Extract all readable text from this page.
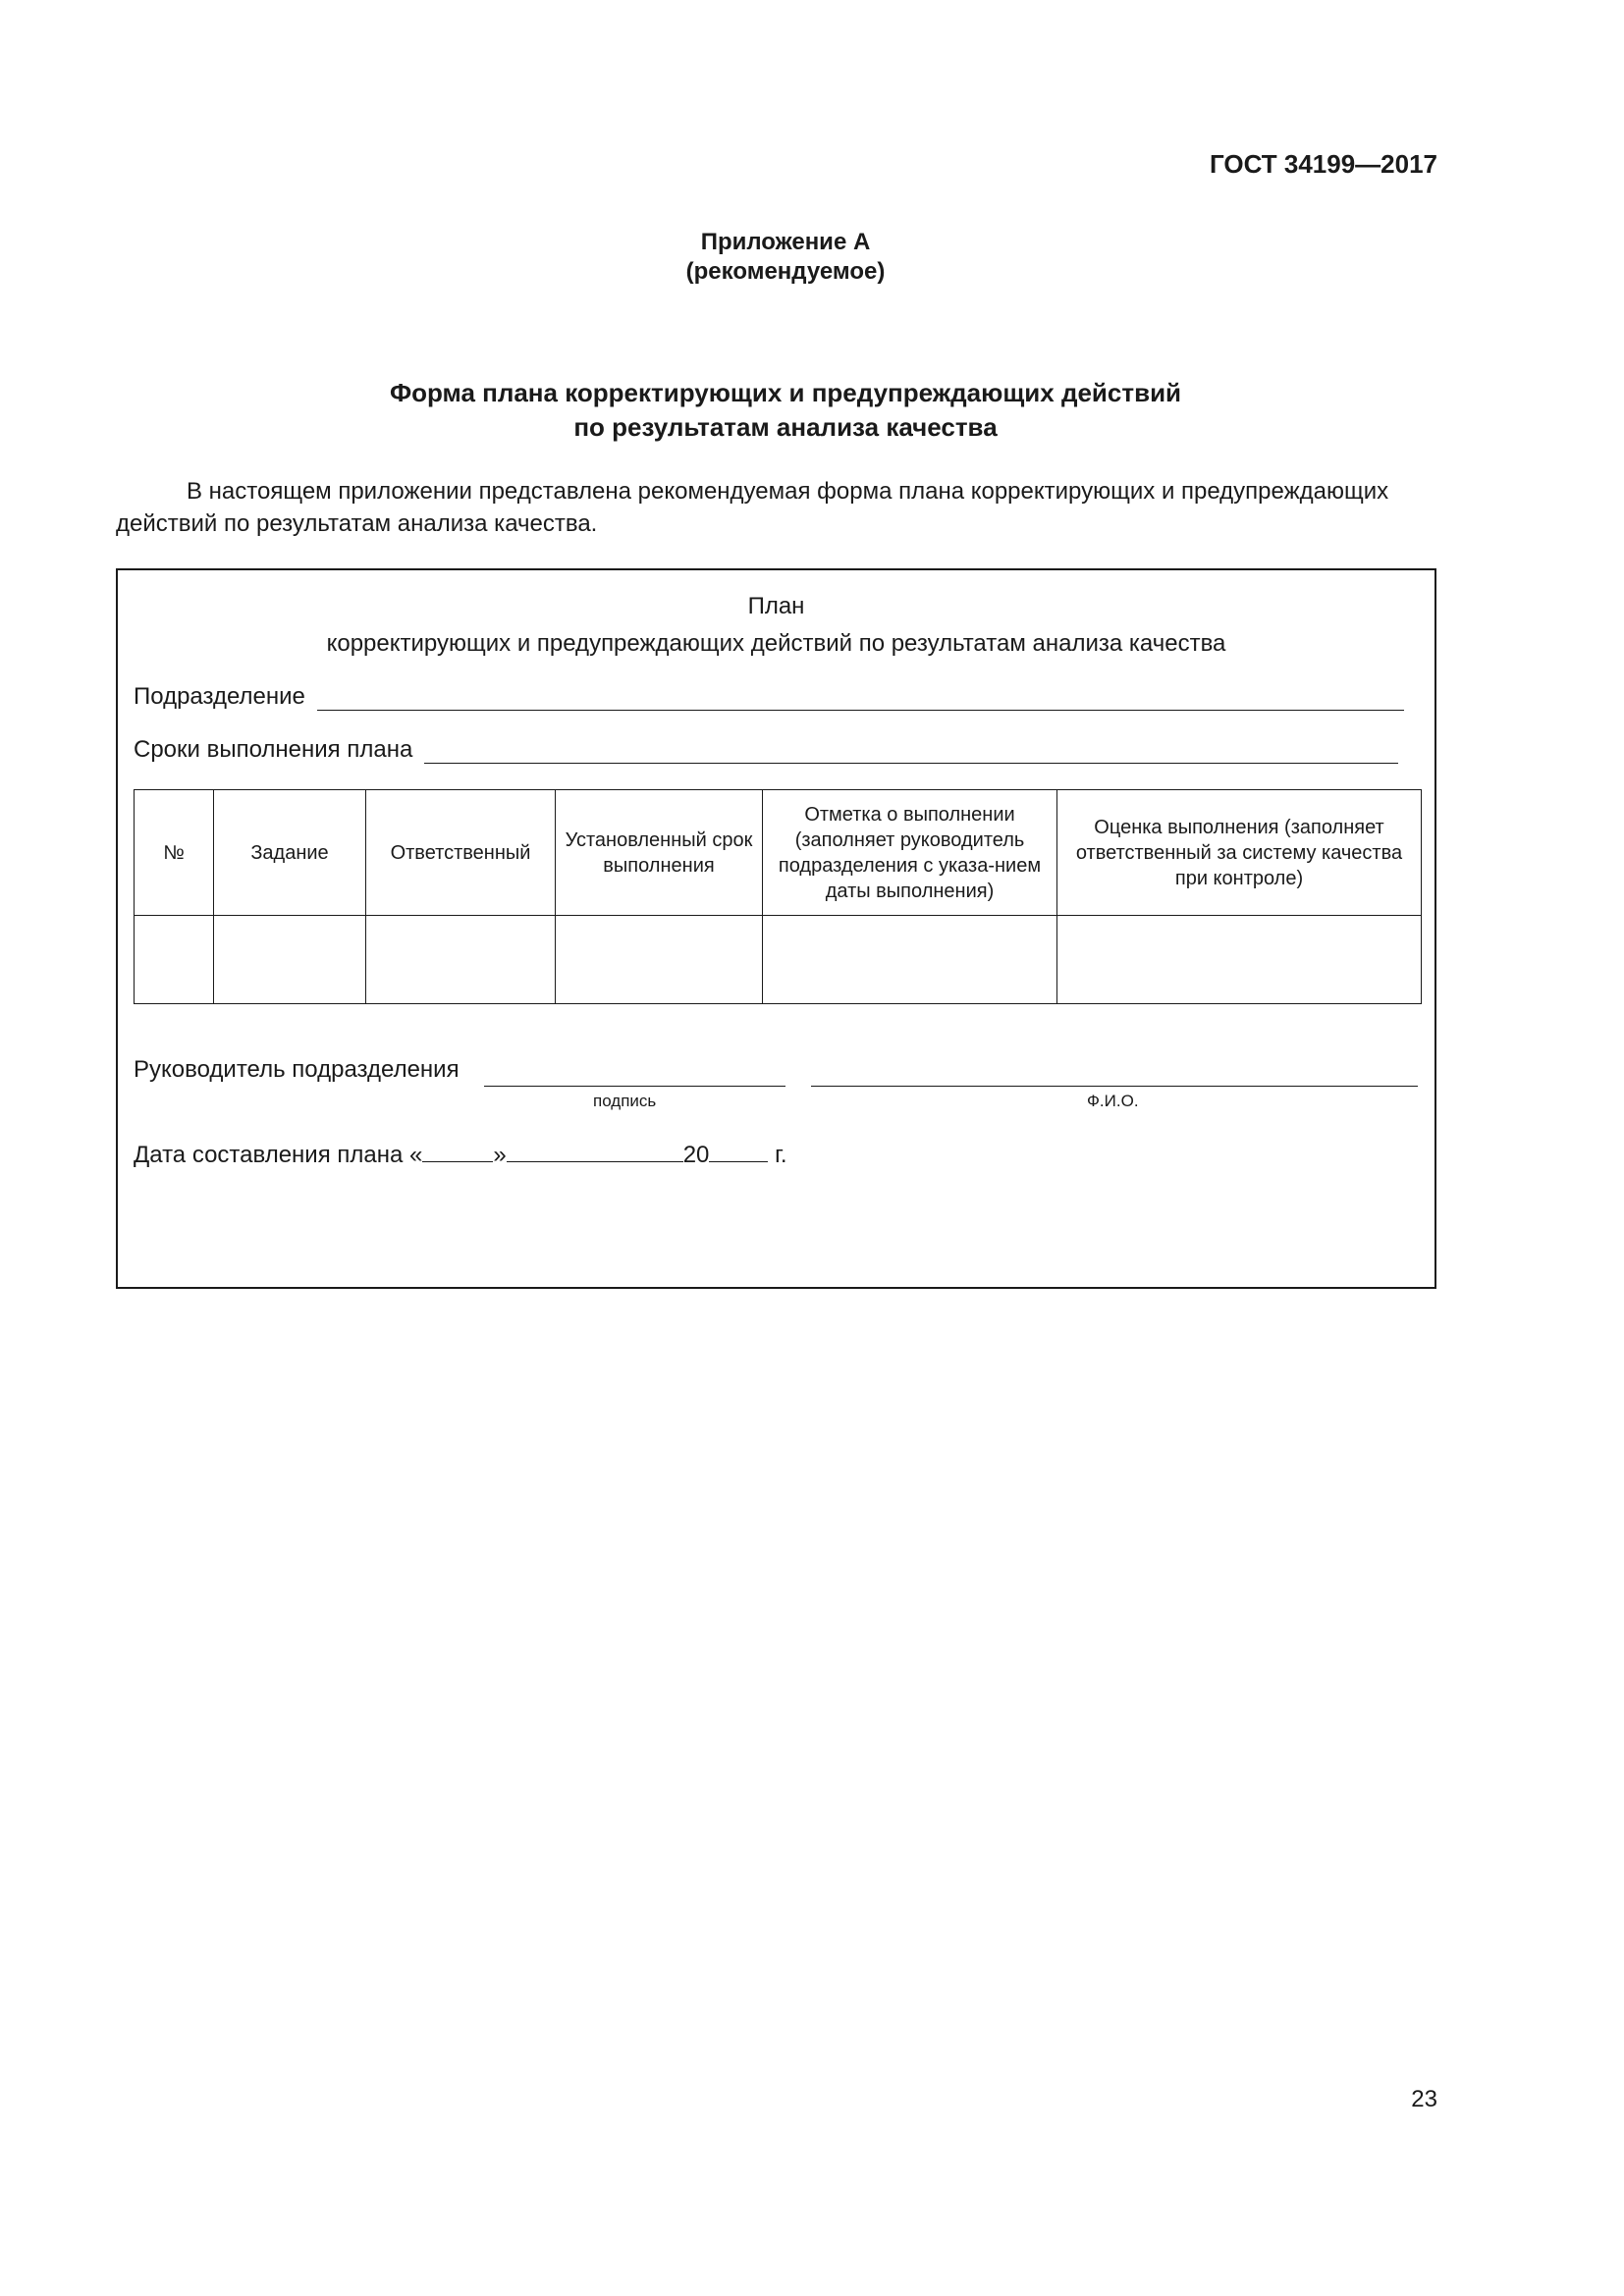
ГОСТ 34199—2017
Приложение А
(рекомендуемое)
Форма плана корректирующих и предупреждающих действий
по результатам анализа качества
В настоящем приложении представлена рекомендуемая форма плана корректирующих и предупреждающих действий по результатам анализа качества.
План
корректирующих и предупреждающих действий по результатам анализа качества
Подразделение
Сроки выполнения плана
№	Задание	Ответственный	Установленный срок выполнения	Отметка о выполнении (заполняет руководитель подразделения с указа-нием даты выполнения)	Оценка выполнения (заполняет ответственный за систему качества при контроле)

Руководитель подразделения
подпись	Ф.И.О.
Дата составления плана «	»	20	г.
23
